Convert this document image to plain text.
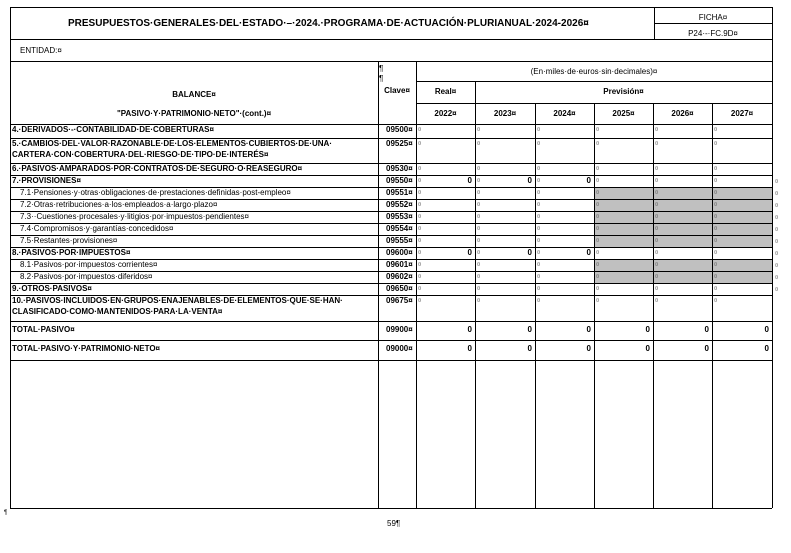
PRESUPUESTOS·GENERALES·DEL·ESTADO·–·2024.·PROGRAMA·DE·ACTUACIÓN·PLURIANUAL·2024-2026¤
FICHA¤
P24·-·FC.9D¤
ENTIDAD:¤
(En·miles·de·euros·sin·decimales)¤
BALANCE¤
"PASIVO·Y·PATRIMONIO·NETO"·(cont.)¤
Clave¤
¶
¶
Real¤	Previsión¤
2022¤	2023¤	2024¤	2025¤	2026¤	2027¤
4.·DERIVADOS·-·CONTABILIDAD·DE·COBERTURAS¤	09500¤ ¤	¤	¤	¤	¤	¤
5.·CAMBIOS·DEL·VALOR·RAZONABLE·DE·LOS·ELEMENTOS·CUBIERTOS·DE·UNA·
CARTERA·CON·COBERTURA·DEL·RIESGO·DE·TIPO·DE·INTERÉS¤
09525¤ ¤	¤	¤	¤	¤	¤
6.·PASIVOS·AMPARADOS·POR·CONTRATOS·DE·SEGURO·O·REASEGURO¤	09530¤ ¤	¤	¤	¤	¤	¤
7.·PROVISIONES¤	09550¤ ¤	0 ¤	0 ¤	0 ¤	¤	¤
7.1·Pensiones·y·otras·obligaciones·de·prestaciones·definidas·post-empleo¤	09551¤ ¤	¤	¤	¤	¤	¤
7.2·Otras·retribuciones·a·los·empleados·a·largo·plazo¤	09552¤ ¤	¤	¤	¤	¤	¤
7.3··Cuestiones·procesales·y·litigios·por·impuestos·pendientes¤	09553¤ ¤	¤	¤	¤	¤	¤
7.4·Compromisos·y·garantías·concedidos¤	09554¤ ¤	¤	¤	¤	¤	¤
7.5·Restantes·provisiones¤	09555¤ ¤	¤	¤	¤	¤	¤
8.·PASIVOS·POR·IMPUESTOS¤	09600¤ ¤	0 ¤	0 ¤	0 ¤	¤	¤
8.1·Pasivos·por·impuestos·corrientes¤	09601¤ ¤	¤	¤	¤	¤	¤
8.2·Pasivos·por·impuestos·diferidos¤	09602¤ ¤	¤	¤	¤	¤	¤
9.·OTROS·PASIVOS¤	09650¤ ¤	¤	¤	¤	¤	¤
10.·PASIVOS·INCLUIDOS·EN·GRUPOS·ENAJENABLES·DE·ELEMENTOS·QUE·SE·HAN·
CLASIFICADO·COMO·MANTENIDOS·PARA·LA·VENTA¤
09675¤ ¤	¤	¤	¤	¤	¤
TOTAL·PASIVO¤	09900¤	0	0	0	0	0	0
TOTAL·PASIVO·Y·PATRIMONIO·NETO¤	09000¤	0	0	0	0	0	0
¤
¤
¤
¤
¤
¤
¤
¤
¤
¤
59¶
¶
